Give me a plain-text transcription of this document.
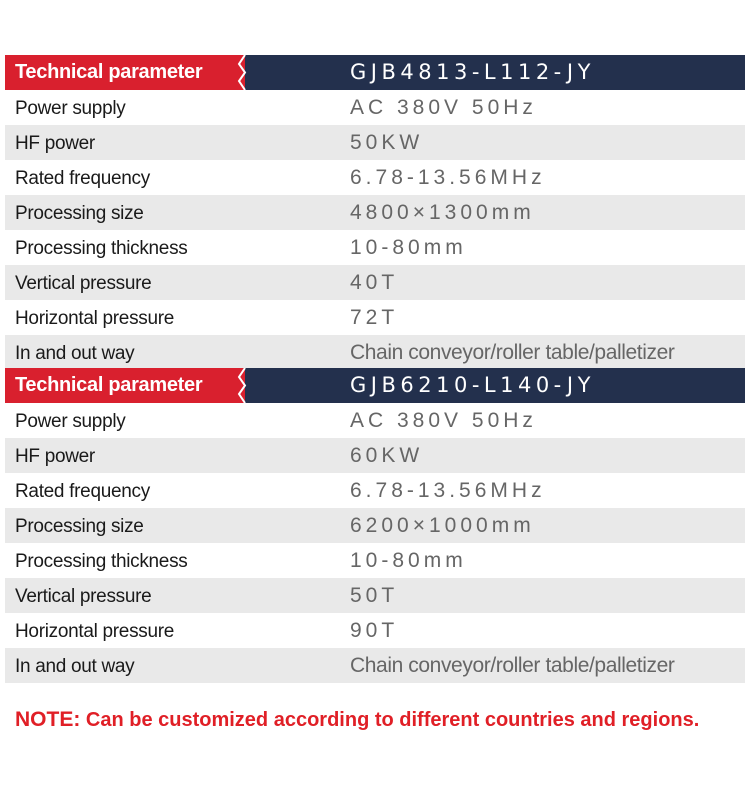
Technical parameter	GJB4813-L112-JY
Power supply	AC 380V 50Hz
HF power	50KW
Rated frequency	6.78-13.56MHz
Processing size	4800×1300mm
Processing thickness	10-80mm
Vertical pressure	40T
Horizontal pressure	72T
In and out way	Chain conveyor/roller table/palletizer
Technical parameter	GJB6210-L140-JY
Power supply	AC 380V 50Hz
HF power	60KW
Rated frequency	6.78-13.56MHz
Processing size	6200×1000mm
Processing thickness	10-80mm
Vertical pressure	50T
Horizontal pressure	90T
In and out way	Chain conveyor/roller table/palletizer
NOTE: Can be customized according to different countries and regions.
